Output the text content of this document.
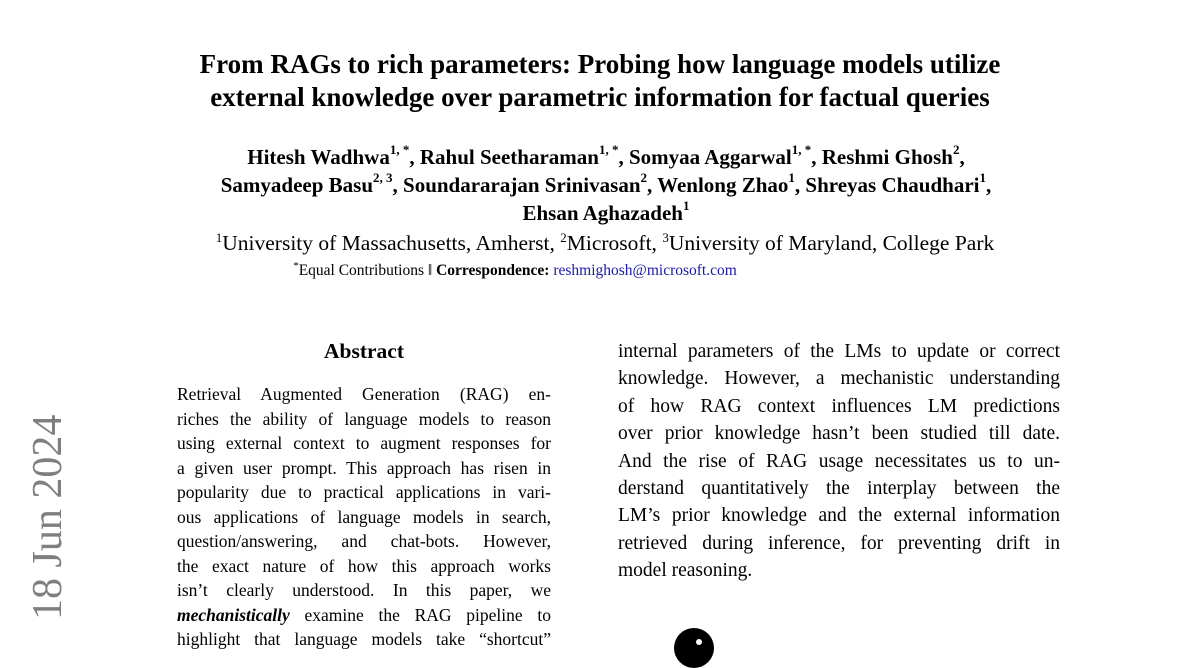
18 Jun 2024
From RAGs to rich parameters: Probing how language models utilize
external knowledge over parametric information for factual queries
Hitesh Wadhwa$^{1, *}$, Rahul Seetharaman$^{1, *}$, Somyaa Aggarwal$^{1, *}$, Reshmi Ghosh$^2$,
Samyadeep Basu$^{2, 3}$, Soundararajan Srinivasan$^2$, Wenlong Zhao$^1$, Shreyas Chaudhari$^1$,
Ehsan Aghazadeh$^1$
$^1$University of Massachusetts, Amherst, $^2$Microsoft, $^3$University of Maryland, College Park
*Equal Contributions ‖ Correspondence: reshmighosh@microsoft.com
Abstract
Retrieval Augmented Generation (RAG) en-
riches the ability of language models to reason
using external context to augment responses for
a given user prompt. This approach has risen in
popularity due to practical applications in vari-
ous applications of language models in search,
question/answering, and chat-bots. However,
the exact nature of how this approach works
isn’t clearly understood. In this paper, we
mechanistically examine the RAG pipeline to
highlight that language models take “shortcut”
internal parameters of the LMs to update or correct
knowledge. However, a mechanistic understanding
of how RAG context influences LM predictions
over prior knowledge hasn’t been studied till date.
And the rise of RAG usage necessitates us to un-
derstand quantitatively the interplay between the
LM’s prior knowledge and the external information
retrieved during inference, for preventing drift in
model reasoning.
